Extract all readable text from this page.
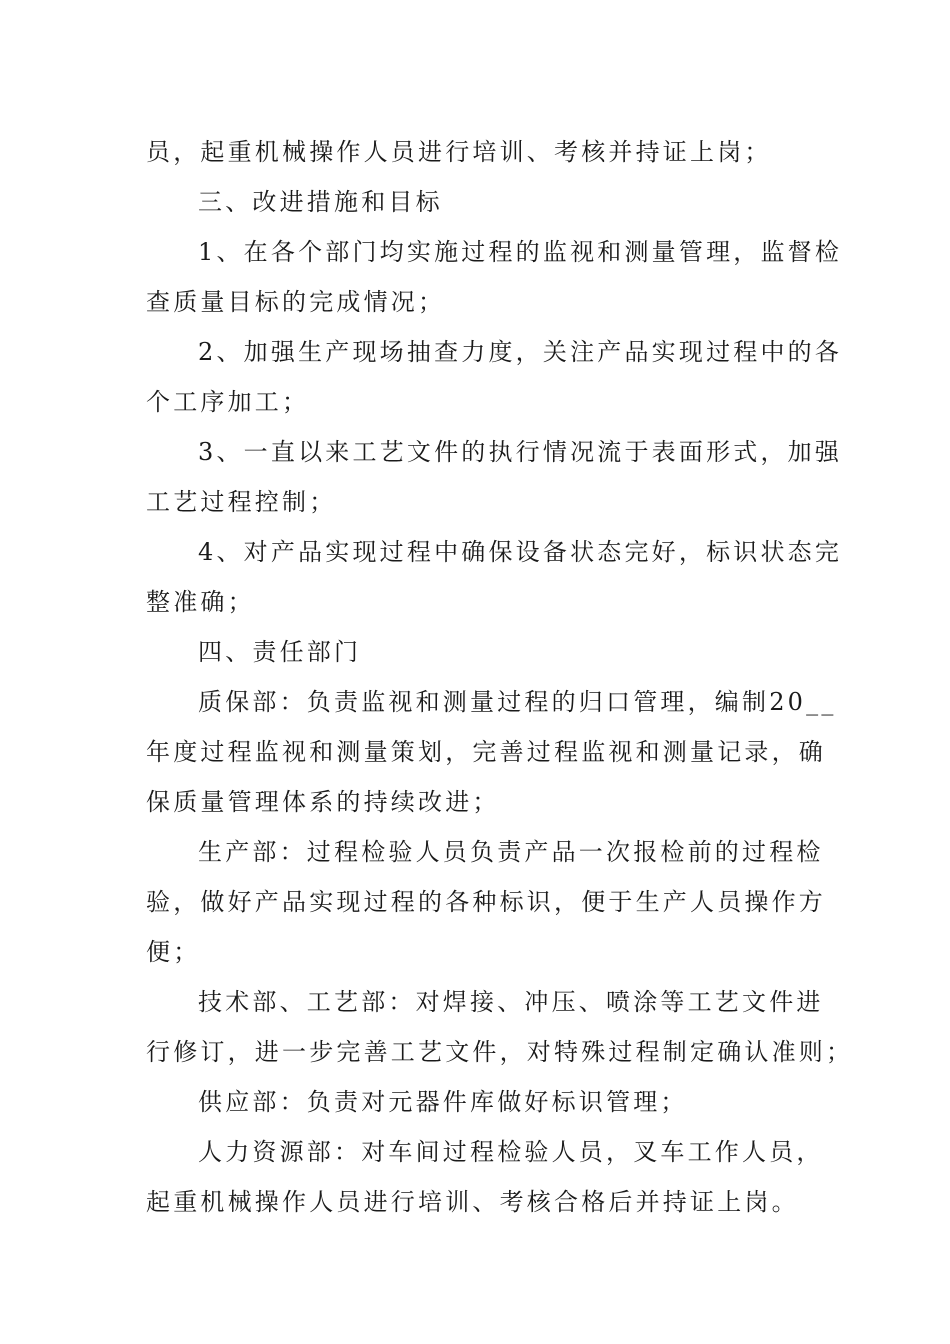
员，起重机械操作人员进行培训、考核并持证上岗；
三、改进措施和目标
1、在各个部门均实施过程的监视和测量管理，监督检
查质量目标的完成情况；
2、加强生产现场抽查力度，关注产品实现过程中的各
个工序加工；
3、一直以来工艺文件的执行情况流于表面形式，加强
工艺过程控制；
4、对产品实现过程中确保设备状态完好，标识状态完
整准确；
四、责任部门
质保部：负责监视和测量过程的归口管理，编制20__
年度过程监视和测量策划，完善过程监视和测量记录，确
保质量管理体系的持续改进；
生产部：过程检验人员负责产品一次报检前的过程检
验，做好产品实现过程的各种标识，便于生产人员操作方
便；
技术部、工艺部：对焊接、冲压、喷涂等工艺文件进
行修订，进一步完善工艺文件，对特殊过程制定确认准则；
供应部：负责对元器件库做好标识管理；
人力资源部：对车间过程检验人员，叉车工作人员，
起重机械操作人员进行培训、考核合格后并持证上岗。
